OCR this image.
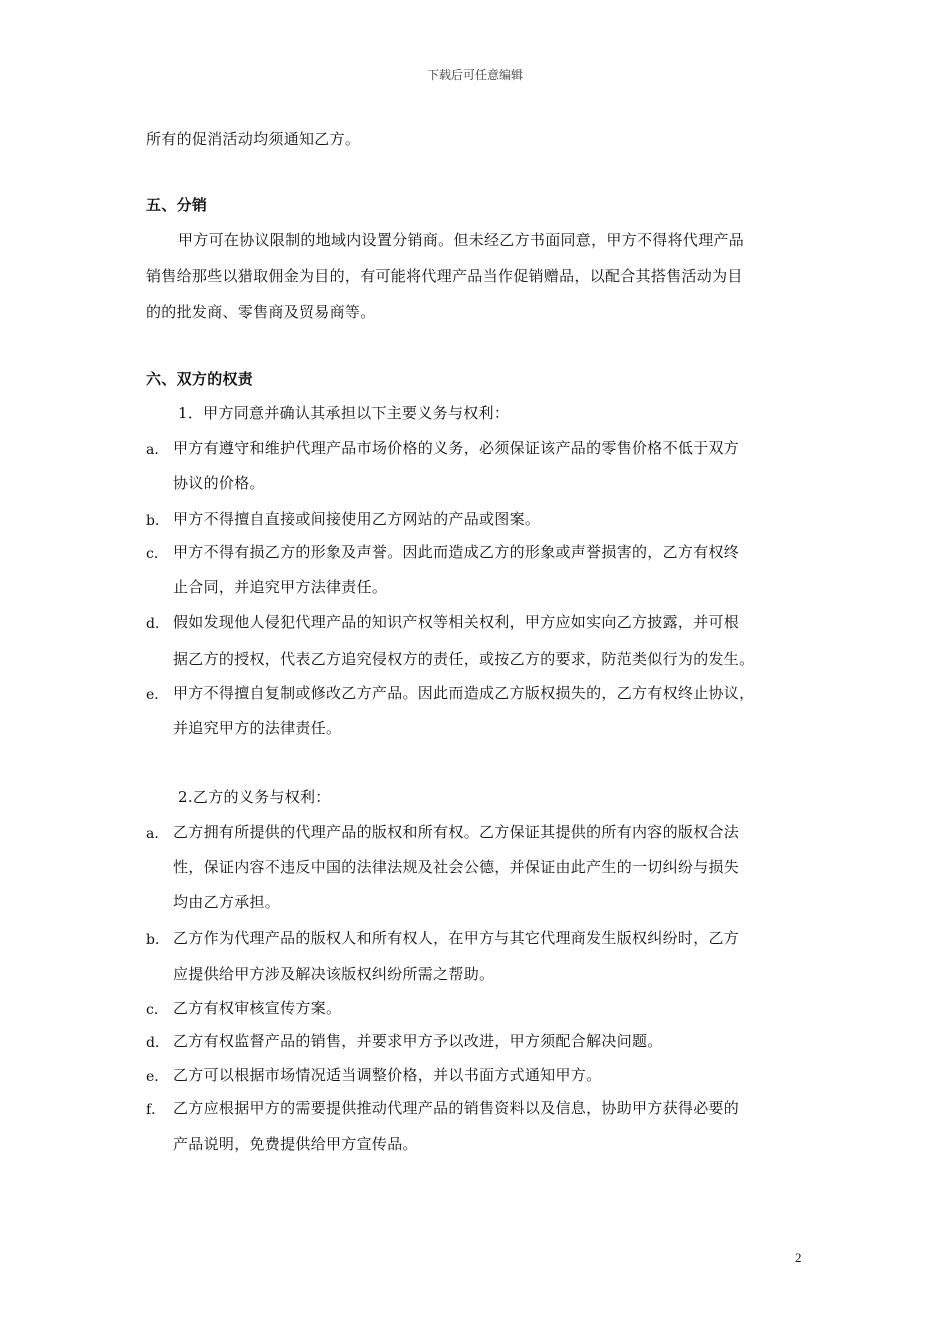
下载后可任意编辑
所有的促消活动均须通知乙方。
五、分销
甲方可在协议限制的地域内设置分销商。但未经乙方书面同意，甲方不得将代理产品
销售给那些以猎取佣金为目的，有可能将代理产品当作促销赠品，以配合其搭售活动为目
的的批发商、零售商及贸易商等。
六、双方的权责
1．甲方同意并确认其承担以下主要义务与权利：
a． 甲方有遵守和维护代理产品市场价格的义务，必须保证该产品的零售价格不低于双方
协议的价格。
b． 甲方不得擅自直接或间接使用乙方网站的产品或图案。
c． 甲方不得有损乙方的形象及声誉。因此而造成乙方的形象或声誉损害的，乙方有权终
止合同，并追究甲方法律责任。
d． 假如发现他人侵犯代理产品的知识产权等相关权利，甲方应如实向乙方披露，并可根
据乙方的授权，代表乙方追究侵权方的责任，或按乙方的要求，防范类似行为的发生。
e． 甲方不得擅自复制或修改乙方产品。因此而造成乙方版权损失的，乙方有权终止协议，
并追究甲方的法律责任。
2.乙方的义务与权利：
a． 乙方拥有所提供的代理产品的版权和所有权。乙方保证其提供的所有内容的版权合法
性，保证内容不违反中国的法律法规及社会公德，并保证由此产生的一切纠纷与损失
均由乙方承担。
b． 乙方作为代理产品的版权人和所有权人，在甲方与其它代理商发生版权纠纷时，乙方
应提供给甲方涉及解决该版权纠纷所需之帮助。
c． 乙方有权审核宣传方案。
d． 乙方有权监督产品的销售，并要求甲方予以改进，甲方须配合解决问题。
e． 乙方可以根据市场情况适当调整价格，并以书面方式通知甲方。
f． 乙方应根据甲方的需要提供推动代理产品的销售资料以及信息，协助甲方获得必要的
产品说明，免费提供给甲方宣传品。
2
